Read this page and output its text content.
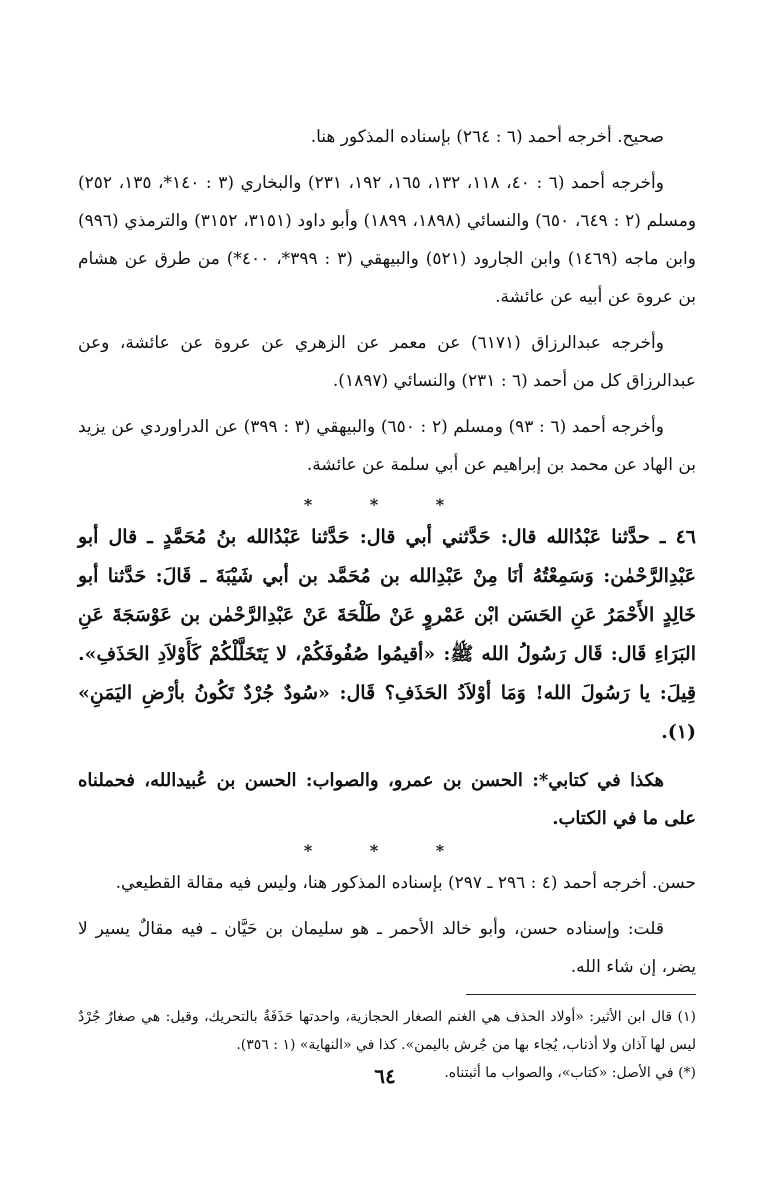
صحيح. أخرجه أحمد (٦ : ٢٦٤) بإسناده المذكور هنا.

وأخرجه أحمد (٦ : ٤٠، ١١٨، ١٣٢، ١٦٥، ١٩٢، ٢٣١) والبخاري (٣ : ١٤٠*، ١٣٥، ٢٥٢) ومسلم (٢ : ٦٤٩، ٦٥٠) والنسائي (١٨٩٨، ١٨٩٩) وأبو داود (٣١٥١، ٣١٥٢) والترمذي (٩٩٦) وابن ماجه (١٤٦٩) وابن الجارود (٥٢١) والبيهقي (٣ : ٣٩٩*، ٤٠٠*) من طرق عن هشام بن عروة عن أبيه عن عائشة.

وأخرجه عبدالرزاق (٦١٧١) عن معمر عن الزهري عن عروة عن عائشة، وعن عبدالرزاق كل من أحمد (٦ : ٢٣١) والنسائي (١٨٩٧).

وأخرجه أحمد (٦ : ٩٣) ومسلم (٢ : ٦٥٠) والبيهقي (٣ : ٣٩٩) عن الدراوردي عن يزيد بن الهاد عن محمد بن إبراهيم عن أبي سلمة عن عائشة.

* * *

٤٦ ـ حدَّثنا عَبْدُالله قال: حَدَّثني أبي قال: حَدَّثنا عَبْدُالله بنُ مُحَمَّدٍ ـ قال أبو عَبْدِالرَّحْمٰن: وَسَمِعْتُهُ أنَا مِنْ عَبْدِالله بن مُحَمَّد بن أبي شَيْبَةَ ـ قَالَ: حَدَّثنا أبو خَالِدٍ الأَحْمَرُ عَنِ الحَسَن ابْن عَمْروٍ عَنْ طَلْحَةَ عَنْ عَبْدِالرَّحْمٰن بن عَوْسَجَةَ عَنِ البَرَاءِ قَال: قَال رَسُولُ الله ﷺ: «أقيمُوا صُفُوفَكُمْ، لا يَتَخَلَّلْكُمْ كَأَوْلاَدِ الحَذَفِ». قِيلَ: يا رَسُولَ الله! وَمَا أوْلاَدُ الحَذَفِ؟ قَال: «سُودٌ جُرْدٌ تَكُونُ بأرْضِ اليَمَنِ» (١).

هكذا في كتابي*: الحسن بن عمرو، والصواب: الحسن بن عُبيدالله، فحملناه على ما في الكتاب.

* * *

حسن. أخرجه أحمد (٤ : ٢٩٦ ـ ٢٩٧) بإسناده المذكور هنا، وليس فيه مقالة القطيعي.

قلت: وإسناده حسن، وأبو خالد الأحمر ـ هو سليمان بن حَيَّان ـ فيه مقالٌ يسير لا يضر، إن شاء الله.

(١) قال ابن الأثير: «أولاد الحذف هي الغنم الصغار الحجازية، واحدتها حَذَفَةٌ بالتحريك، وقيل: هي صغارٌ جُرْدٌ ليس لها آذان ولا أذناب، يُجاء بها من جُرش باليمن». كذا في «النهاية» (١ : ٣٥٦).

(*) في الأصل: «كتاب»، والصواب ما أثبتناه.

٦٤
